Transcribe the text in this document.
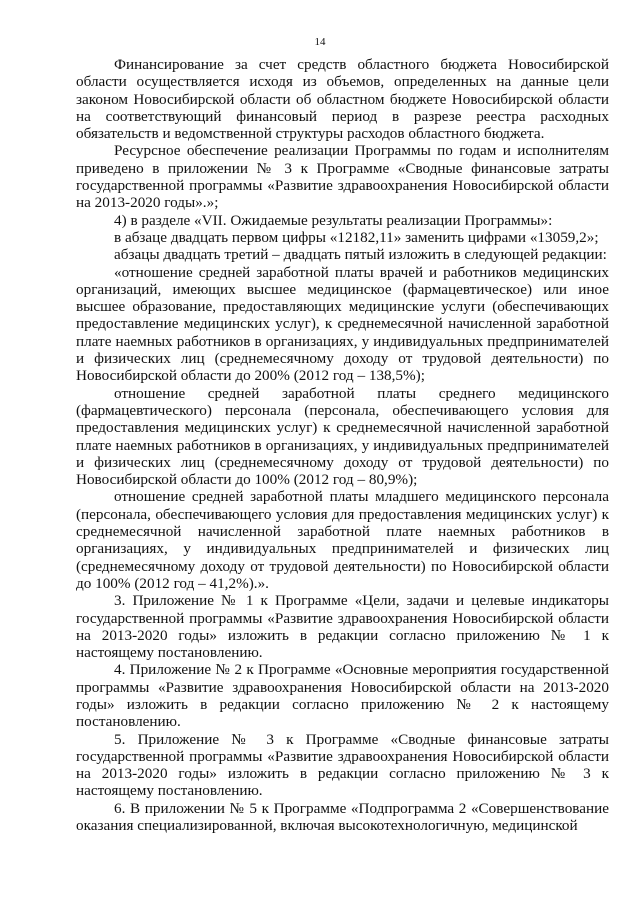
14

Финансирование за счет средств областного бюджета Новосибирской области осуществляется исходя из объемов, определенных на данные цели законом Новосибирской области об областном бюджете Новосибирской области на соответствующий финансовый период в разрезе реестра расходных обязательств и ведомственной структуры расходов областного бюджета.

Ресурсное обеспечение реализации Программы по годам и исполнителям приведено в приложении № 3 к Программе «Сводные финансовые затраты государственной программы «Развитие здравоохранения Новосибирской области на 2013-2020 годы».»;

4) в разделе «VII. Ожидаемые результаты реализации Программы»:

в абзаце двадцать первом цифры «12182,11» заменить цифрами «13059,2»;

абзацы двадцать третий – двадцать пятый изложить в следующей редакции:

«отношение средней заработной платы врачей и работников медицинских организаций, имеющих высшее медицинское (фармацевтическое) или иное высшее образование, предоставляющих медицинские услуги (обеспечивающих предоставление медицинских услуг), к среднемесячной начисленной заработной плате наемных работников в организациях, у индивидуальных предпринимателей и физических лиц (среднемесячному доходу от трудовой деятельности) по Новосибирской области до 200% (2012 год – 138,5%);

отношение средней заработной платы среднего медицинского (фармацевтического) персонала (персонала, обеспечивающего условия для предоставления медицинских услуг) к среднемесячной начисленной заработной плате наемных работников в организациях, у индивидуальных предпринимателей и физических лиц (среднемесячному доходу от трудовой деятельности) по Новосибирской области до 100% (2012 год – 80,9%);

отношение средней заработной платы младшего медицинского персонала (персонала, обеспечивающего условия для предоставления медицинских услуг) к среднемесячной начисленной заработной плате наемных работников в организациях, у индивидуальных предпринимателей и физических лиц (среднемесячному доходу от трудовой деятельности) по Новосибирской области до 100% (2012 год – 41,2%).».

3. Приложение № 1 к Программе «Цели, задачи и целевые индикаторы государственной программы «Развитие здравоохранения Новосибирской области на 2013-2020 годы» изложить в редакции согласно приложению № 1 к настоящему постановлению.

4. Приложение № 2 к Программе «Основные мероприятия государственной программы «Развитие здравоохранения Новосибирской области на 2013-2020 годы» изложить в редакции согласно приложению № 2 к настоящему постановлению.

5. Приложение № 3 к Программе «Сводные финансовые затраты государственной программы «Развитие здравоохранения Новосибирской области на 2013-2020 годы» изложить в редакции согласно приложению № 3 к настоящему постановлению.

6. В приложении № 5 к Программе «Подпрограмма 2 «Совершенствование оказания специализированной, включая высокотехнологичную, медицинской
